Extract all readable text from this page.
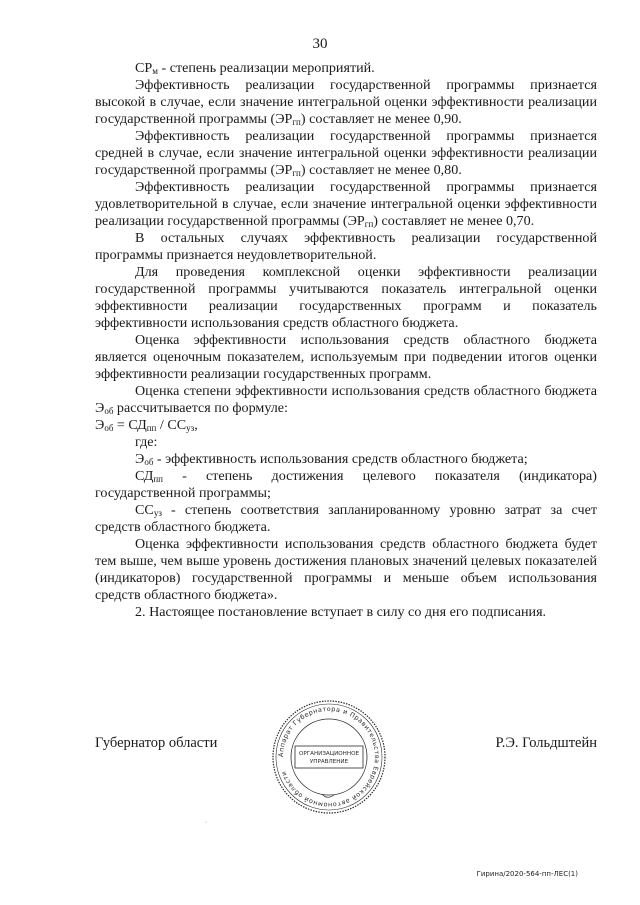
30

$СР_м$ - степень реализации мероприятий.

Эффективность реализации государственной программы признается высокой в случае, если значение интегральной оценки эффективности реализации государственной программы $(ЭР_{гп})$ составляет не менее 0,90.

Эффективность реализации государственной программы признается средней в случае, если значение интегральной оценки эффективности реализации государственной программы $(ЭР_{гп})$ составляет не менее 0,80.

Эффективность реализации государственной программы признается удовлетворительной в случае, если значение интегральной оценки эффективности реализации государственной программы $(ЭР_{гп})$ составляет не менее 0,70.

В остальных случаях эффективность реализации государственной программы признается неудовлетворительной.

Для проведения комплексной оценки эффективности реализации государственной программы учитываются показатель интегральной оценки эффективности реализации государственных программ и показатель эффективности использования средств областного бюджета.

Оценка эффективности использования средств областного бюджета является оценочным показателем, используемым при подведении итогов оценки эффективности реализации государственных программ.

Оценка степени эффективности использования средств областного бюджета $Э_{об}$ рассчитывается по формуле:

$Э_{об} = СД_{пп} / СС_{уз}$,

где:

$Э_{об}$ - эффективность использования средств областного бюджета;

$СД_{пп}$ - степень достижения целевого показателя (индикатора) государственной программы;

$СС_{уз}$ - степень соответствия запланированному уровню затрат за счет средств областного бюджета.

Оценка эффективности использования средств областного бюджета будет тем выше, чем выше уровень достижения плановых значений целевых показателей (индикаторов) государственной программы и меньше объем использования средств областного бюджета».

2. Настоящее постановление вступает в силу со дня его подписания.

Губернатор области	Р.Э. Гольдштейн
Аппарат Губернатора и Правительства Еврейской автономной области
ОРГАНИЗАЦИОННОЕ
УПРАВЛЕНИЕ
·
Гирина/2020-564-пп-ЛЕС(1)
